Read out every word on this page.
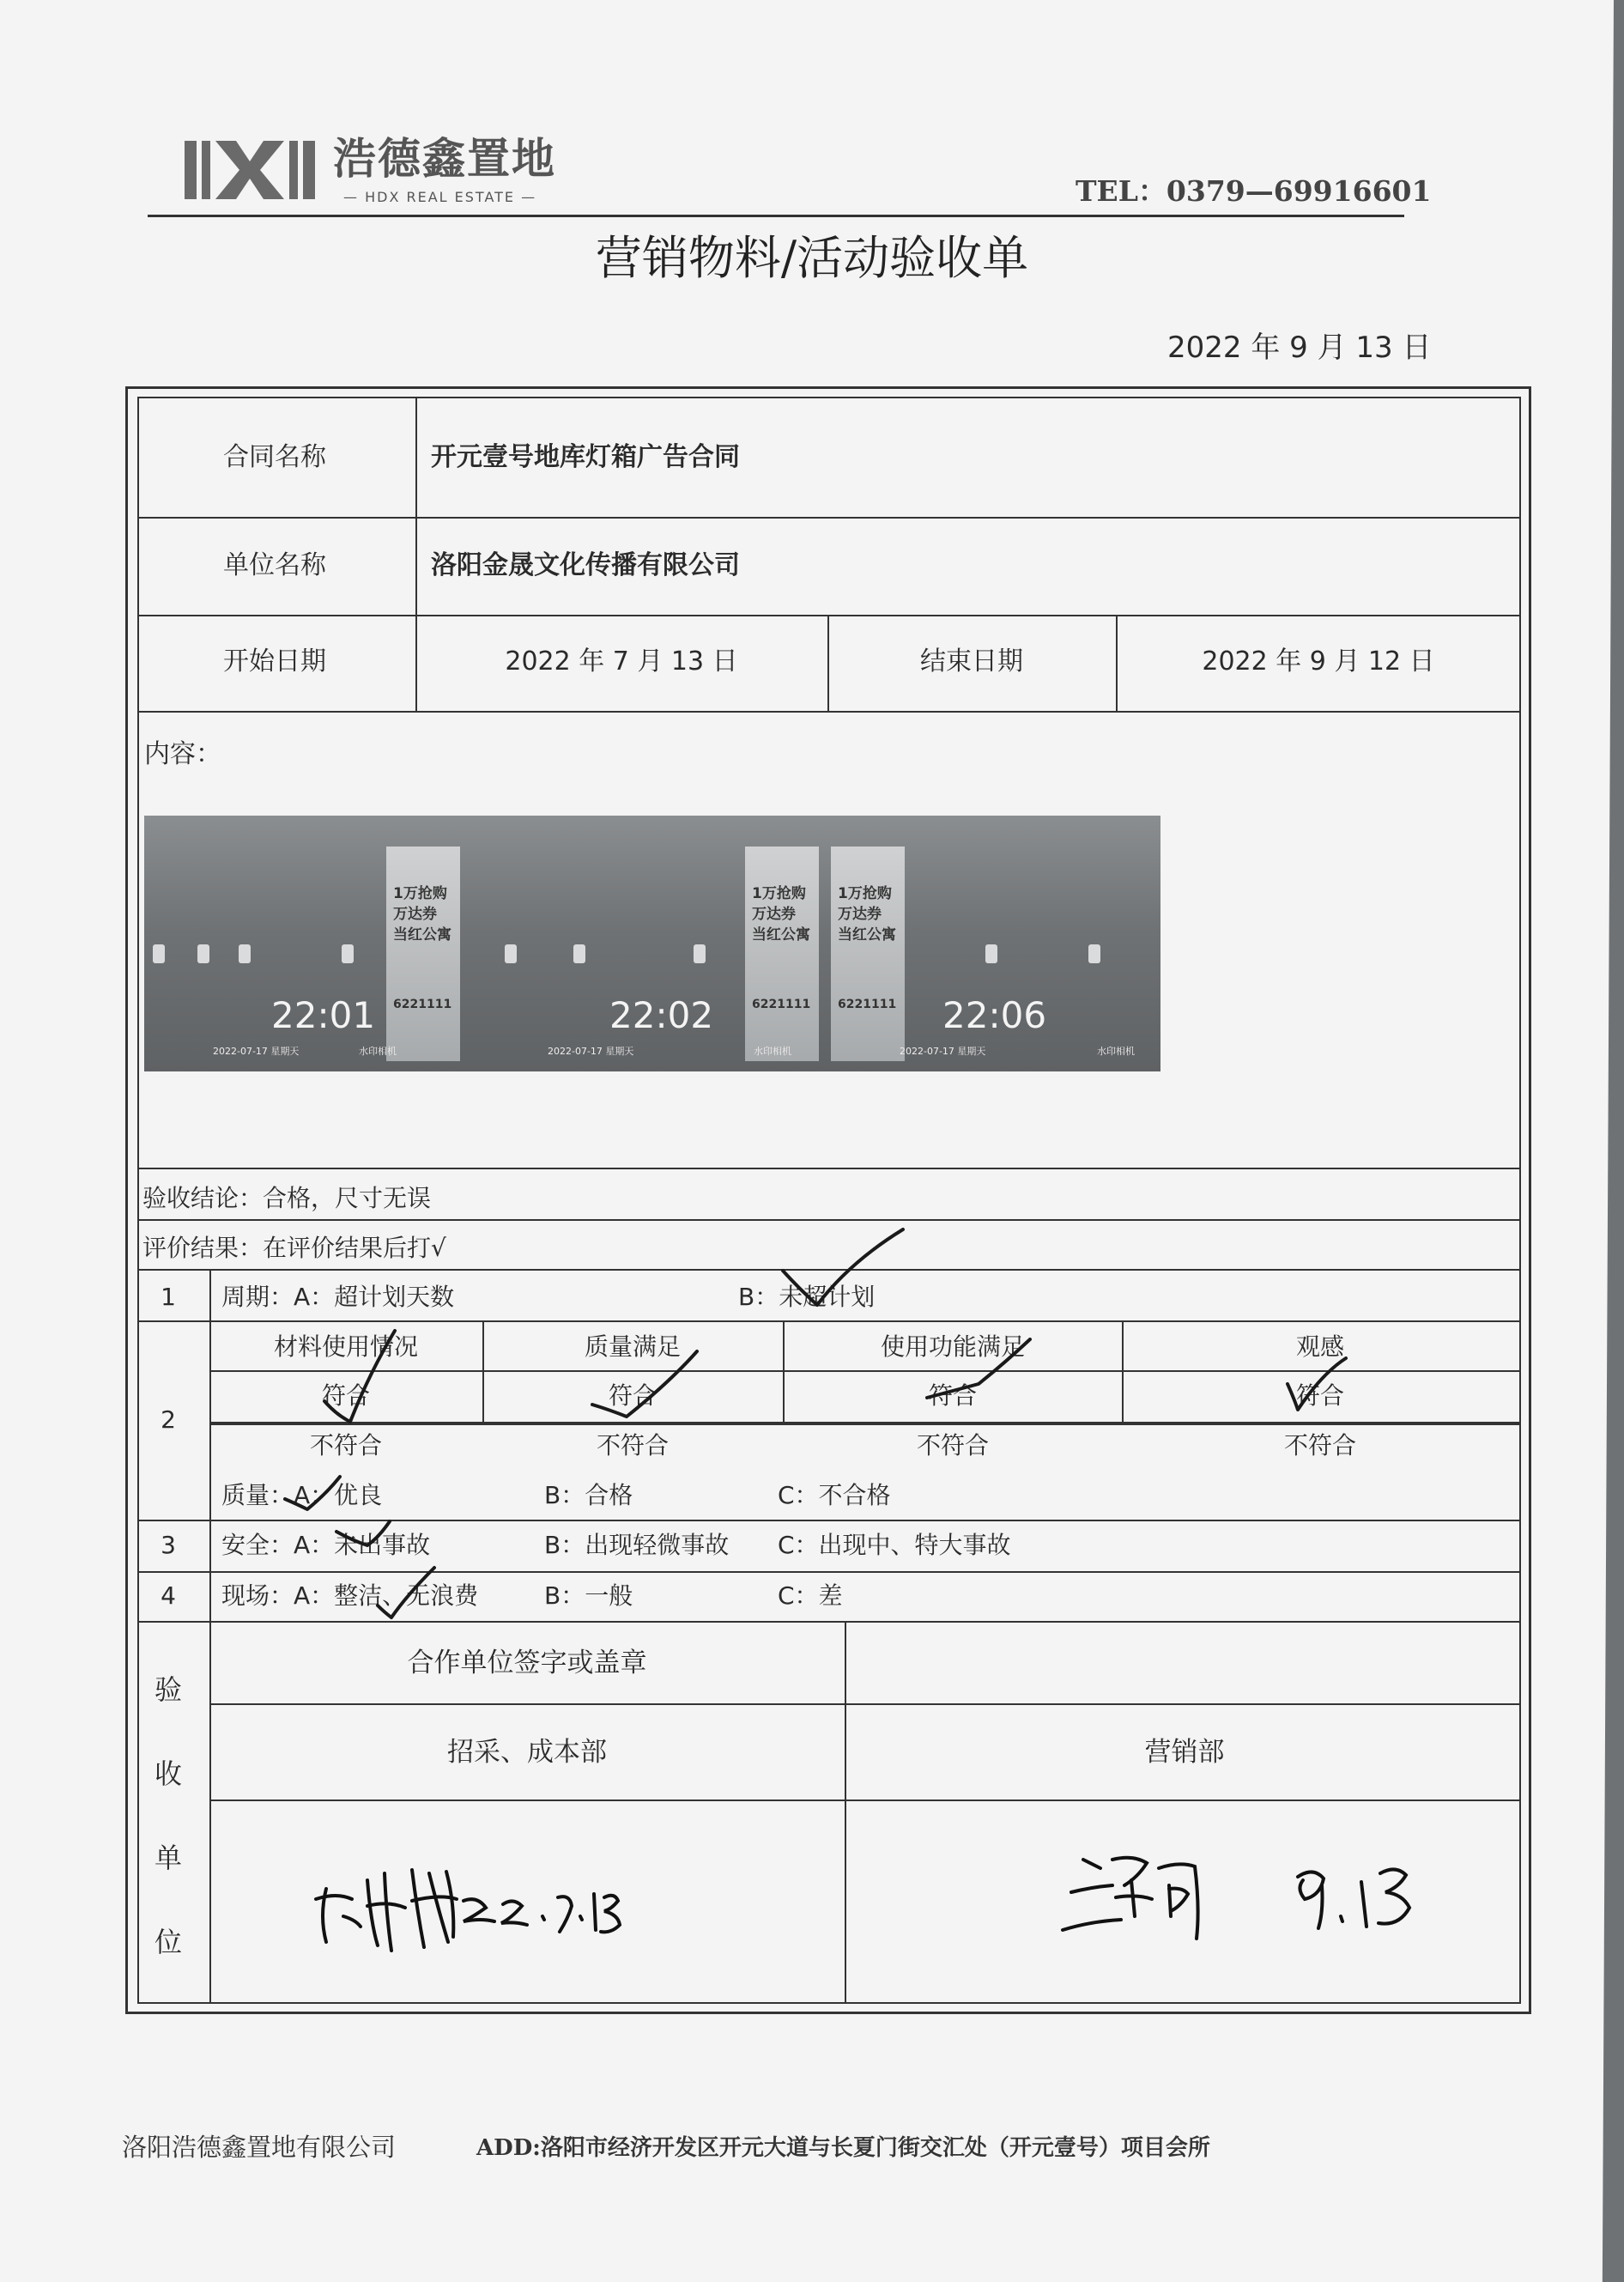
浩德鑫置地
— HDX REAL ESTATE —	TEL：0379—69916601
营销物料/活动验收单
2022 年 9 月 13 日
合同名称	开元壹号地库灯箱广告合同
单位名称	洛阳金晟文化传播有限公司
开始日期	2022 年 7 月 13 日	结束日期	2022 年 9 月 12 日
内容：
1万抢购
万达券
当红公寓
6221111
1万抢购
万达券
当红公寓
6221111
1万抢购
万达券
当红公寓
6221111
22:01	22:02	22:06
2022-07-17 星期天	2022-07-17 星期天	2022-07-17 星期天
水印相机	水印相机	水印相机
验收结论：合格，尺寸无误
评价结果：在评价结果后打√
1 周期：A：超计划天数	B：未超计划
2
材料使用情况	质量满足	使用功能满足	观感
符合	符合	符合	符合
不符合	不符合	不符合	不符合
质量：A：优良	B：合格	C：不合格
3 安全：A：未出事故	B：出现轻微事故 C：出现中、特大事故
4 现场：A：整洁、无浪费	B：一般	C：差
验
收
单
位
合作单位签字或盖章
招采、成本部	营销部
洛阳浩德鑫置地有限公司	ADD:洛阳市经济开发区开元大道与长夏门街交汇处（开元壹号）项目会所
